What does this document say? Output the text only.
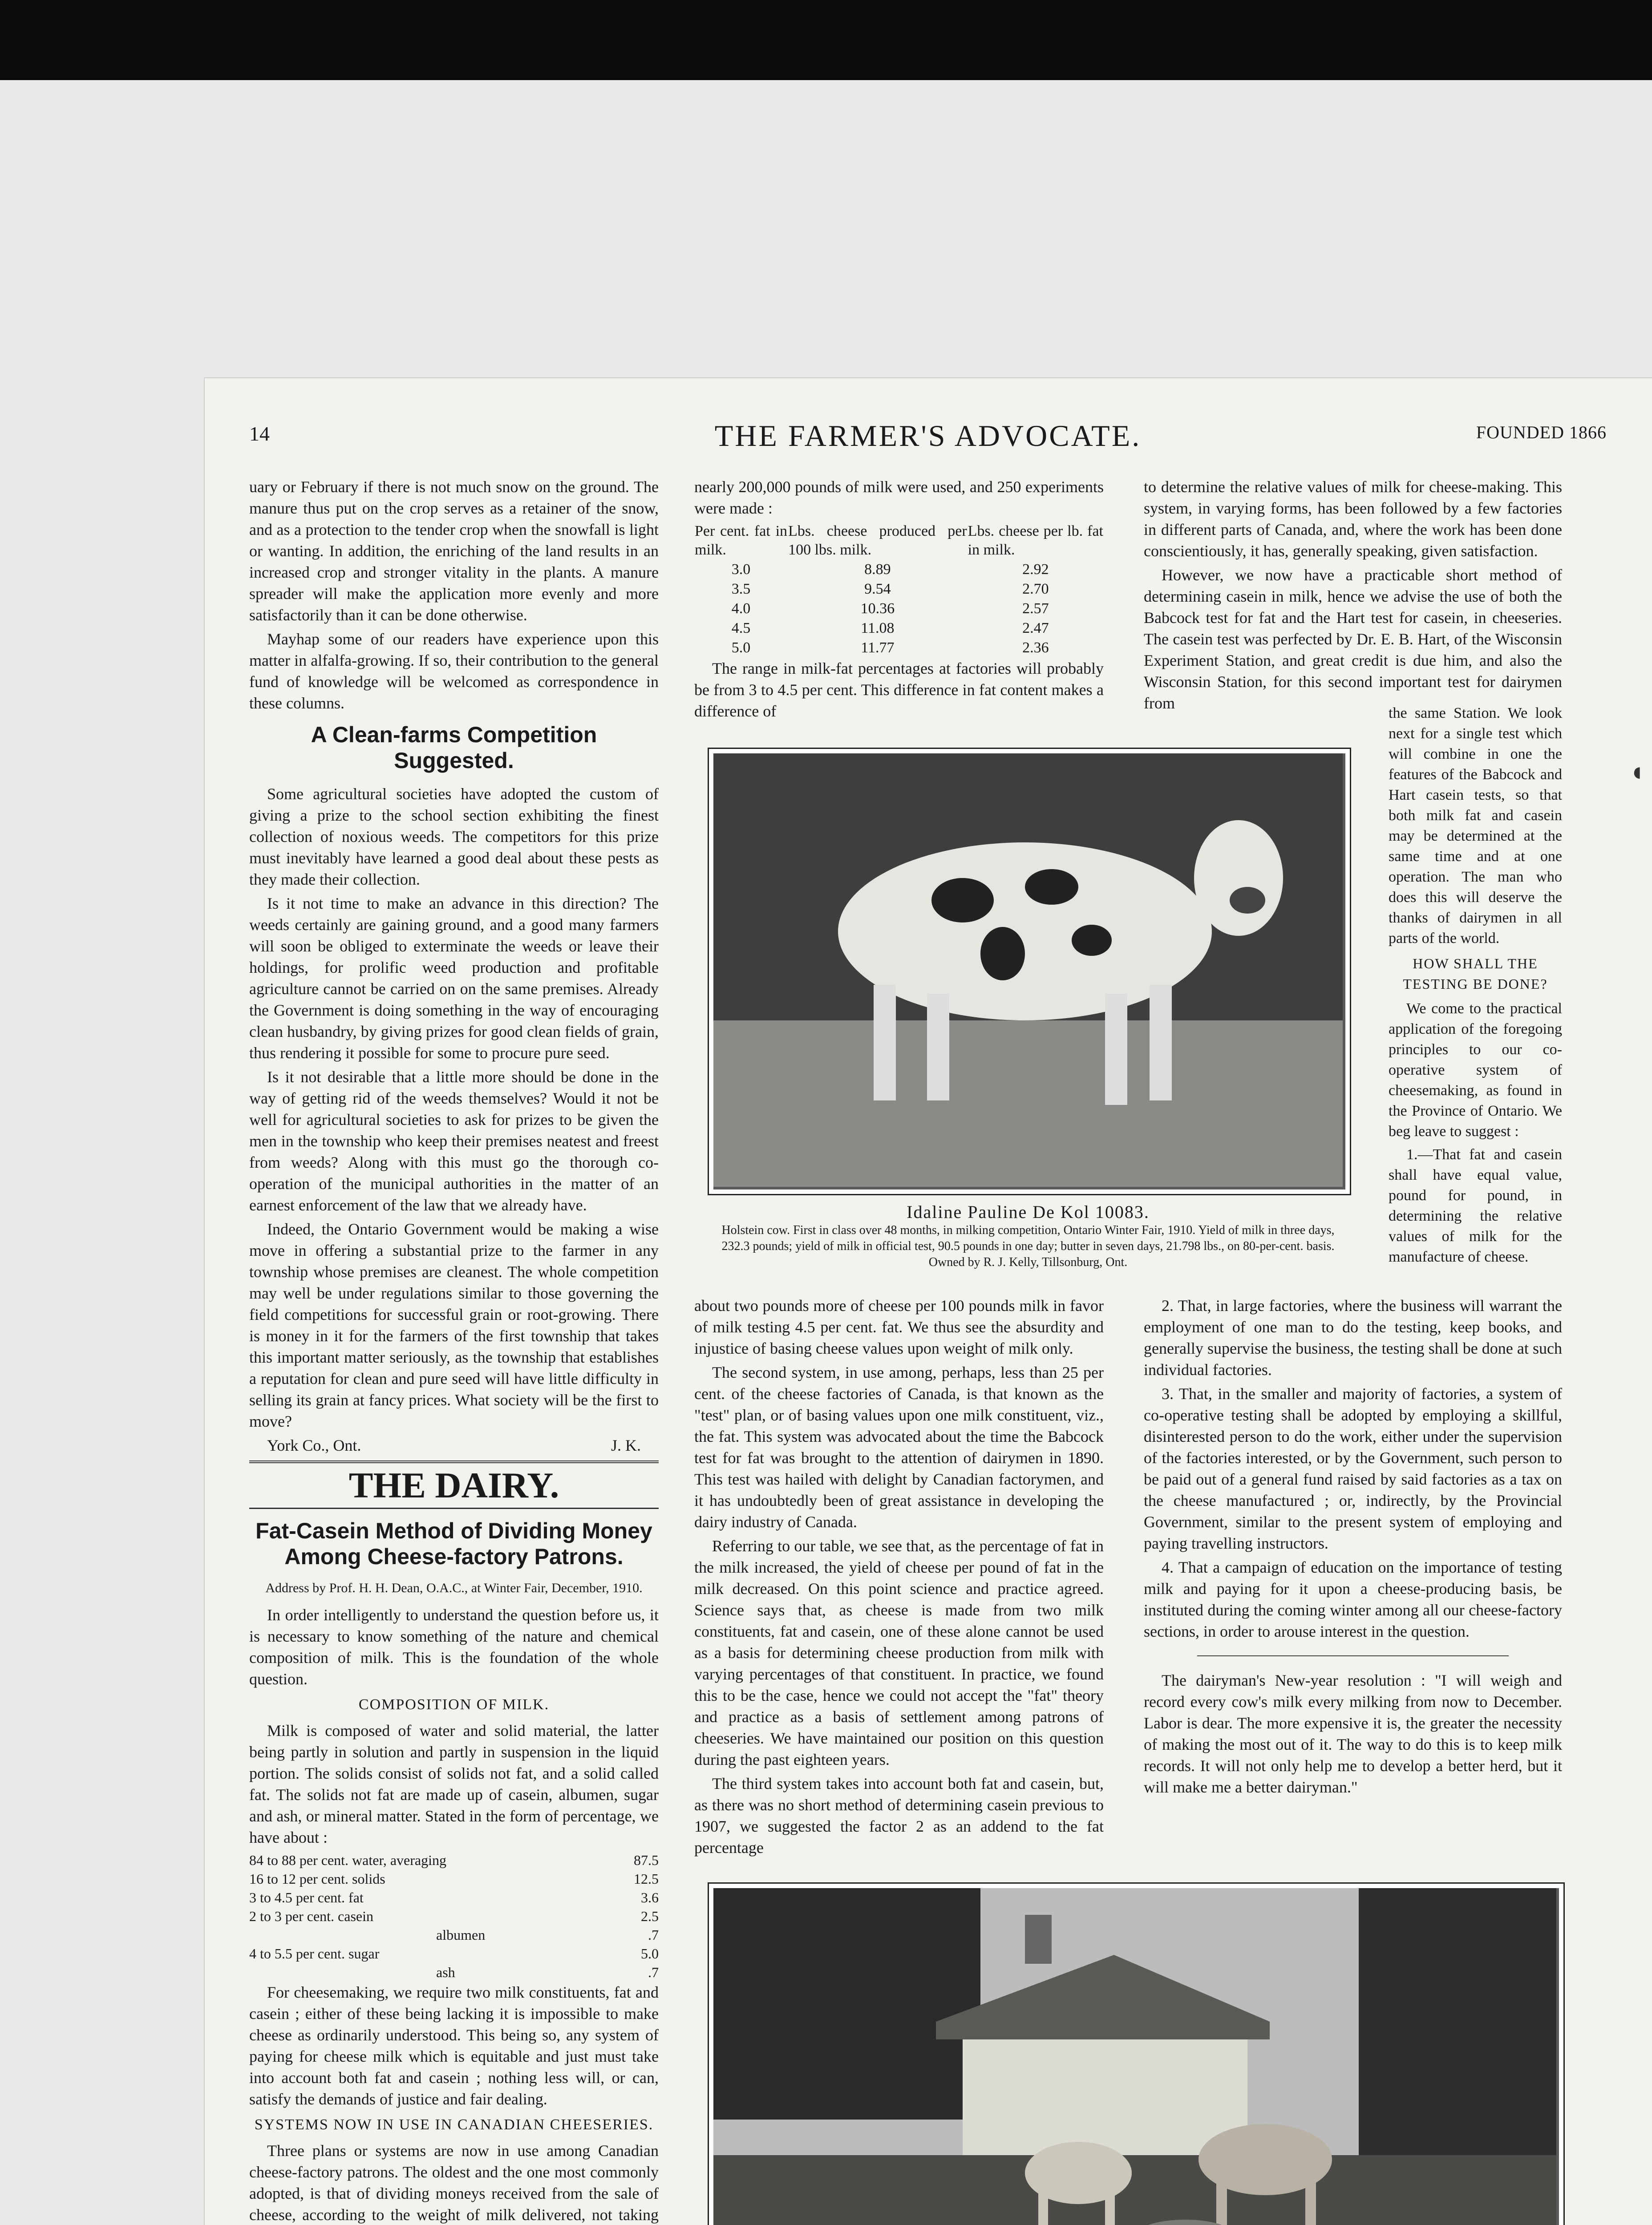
14	THE FARMER'S ADVOCATE.	FOUNDED 1866

uary or February if there is not much snow on the ground. The manure thus put on the crop serves as a retainer of the snow, and as a protection to the tender crop when the snowfall is light or wanting. In addition, the enriching of the land results in an increased crop and stronger vitality in the plants. A manure spreader will make the application more evenly and more satisfactorily than it can be done otherwise.

Mayhap some of our readers have experience upon this matter in alfalfa-growing. If so, their contribution to the general fund of knowledge will be welcomed as correspondence in these columns.

A Clean-farms Competition Suggested.

Some agricultural societies have adopted the custom of giving a prize to the school section exhibiting the finest collection of noxious weeds. The competitors for this prize must inevitably have learned a good deal about these pests as they made their collection.

Is it not time to make an advance in this direction? The weeds certainly are gaining ground, and a good many farmers will soon be obliged to exterminate the weeds or leave their holdings, for prolific weed production and profitable agriculture cannot be carried on on the same premises. Already the Government is doing something in the way of encouraging clean husbandry, by giving prizes for good clean fields of grain, thus rendering it possible for some to procure pure seed.

Is it not desirable that a little more should be done in the way of getting rid of the weeds themselves? Would it not be well for agricultural societies to ask for prizes to be given the men in the township who keep their premises neatest and freest from weeds? Along with this must go the thorough co-operation of the municipal authorities in the matter of an earnest enforcement of the law that we already have.

Indeed, the Ontario Government would be making a wise move in offering a substantial prize to the farmer in any township whose premises are cleanest. The whole competition may well be under regulations similar to those governing the field competitions for successful grain or root-growing. There is money in it for the farmers of the first township that takes this important matter seriously, as the township that establishes a reputation for clean and pure seed will have little difficulty in selling its grain at fancy prices. What society will be the first to move?

York Co., Ont.	J. K.
THE DAIRY.
Fat-Casein Method of Dividing Money Among Cheese-factory Patrons.
Address by Prof. H. H. Dean, O.A.C., at Winter Fair, December, 1910.

In order intelligently to understand the question before us, it is necessary to know something of the nature and chemical composition of milk. This is the foundation of the whole question.

COMPOSITION OF MILK.

Milk is composed of water and solid material, the latter being partly in solution and partly in suspension in the liquid portion. The solids consist of solids not fat, and a solid called fat. The solids not fat are made up of casein, albumen, sugar and ash, or mineral matter. Stated in the form of percentage, we have about :

84 to 88 per cent. water, averaging	87.5
16 to 12 per cent. solids	12.5
3 to 4.5 per cent. fat	3.6
2 to 3 per cent. casein	2.5
albumen	.7
4 to 5.5 per cent. sugar	5.0
ash	.7

For cheesemaking, we require two milk constituents, fat and casein ; either of these being lacking it is impossible to make cheese as ordinarily understood. This being so, any system of paying for cheese milk which is equitable and just must take into account both fat and casein ; nothing less will, or can, satisfy the demands of justice and fair dealing.

SYSTEMS NOW IN USE IN CANADIAN CHEESERIES.

Three plans or systems are now in use among Canadian cheese-factory patrons. The oldest and the one most commonly adopted, is that of dividing moneys received from the sale of cheese, according to the weight of milk delivered, not taking

nearly 200,000 pounds of milk were used, and 250 experiments were made :

Per cent. fat in milk.	Lbs. cheese produced per 100 lbs. milk.	Lbs. cheese per lb. fat in milk.
3.0	8.89	2.92
3.5	9.54	2.70
4.0	10.36	2.57
4.5	11.08	2.47
5.0	11.77	2.36

The range in milk-fat percentages at factories will probably be from 3 to 4.5 per cent. This difference in fat content makes a difference of

to determine the relative values of milk for cheese-making. This system, in varying forms, has been followed by a few factories in different parts of Canada, and, where the work has been done conscientiously, it has, generally speaking, given satisfaction.

However, we now have a practicable short method of determining casein in milk, hence we advise the use of both the Babcock test for fat and the Hart test for casein, in cheeseries. The casein test was perfected by Dr. E. B. Hart, of the Wisconsin Experiment Station, and great credit is due him, and also the Wisconsin Station, for this second important test for dairymen from

Idaline Pauline De Kol 10083.
Holstein cow. First in class over 48 months, in milking competition, Ontario Winter Fair, 1910. Yield of milk in three days, 232.3 pounds; yield of milk in official test, 90.5 pounds in one day; butter in seven days, 21.798 lbs., on 80-per-cent. basis. Owned by R. J. Kelly, Tillsonburg, Ont.

the same Station. We look next for a single test which will combine in one the features of the Babcock and Hart casein tests, so that both milk fat and casein may be determined at the same time and at one operation. The man who does this will deserve the thanks of dairymen in all parts of the world.

HOW SHALL THE TESTING BE DONE?

We come to the practical application of the foregoing principles to our co-operative system of cheesemaking, as found in the Province of Ontario. We beg leave to suggest :

1.—That fat and casein shall have equal value, pound for pound, in determining the relative values of milk for the manufacture of cheese.

about two pounds more of cheese per 100 pounds milk in favor of milk testing 4.5 per cent. fat. We thus see the absurdity and injustice of basing cheese values upon weight of milk only.

The second system, in use among, perhaps, less than 25 per cent. of the cheese factories of Canada, is that known as the "test" plan, or of basing values upon one milk constituent, viz., the fat. This system was advocated about the time the Babcock test for fat was brought to the attention of dairymen in 1890. This test was hailed with delight by Canadian factorymen, and it has undoubtedly been of great assistance in developing the dairy industry of Canada.

Referring to our table, we see that, as the percentage of fat in the milk increased, the yield of cheese per pound of fat in the milk decreased. On this point science and practice agreed. Science says that, as cheese is made from two milk constituents, fat and casein, one of these alone cannot be used as a basis for determining cheese production from milk with varying percentages of that constituent. In practice, we found this to be the case, hence we could not accept the "fat" theory and practice as a basis of settlement among patrons of cheeseries. We have maintained our position on this question during the past eighteen years.

The third system takes into account both fat and casein, but, as there was no short method of determining casein previous to 1907, we suggested the factor 2 as an addend to the fat percentage

2. That, in large factories, where the business will warrant the employment of one man to do the testing, keep books, and generally supervise the business, the testing shall be done at such individual factories.

3. That, in the smaller and majority of factories, a system of co-operative testing shall be adopted by employing a skillful, disinterested person to do the work, either under the supervision of the factories interested, or by the Government, such person to be paid out of a general fund raised by said factories as a tax on the cheese manufactured ; or, indirectly, by the Provincial Government, similar to the present system of employing and paying travelling instructors.

4. That a campaign of education on the importance of testing milk and paying for it upon a cheese-producing basis, be instituted during the coming winter among all our cheese-factory sections, in order to arouse interest in the question.

The dairyman's New-year resolution : "I will weigh and record every cow's milk every milking from now to December. Labor is dear. The more expensive it is, the greater the necessity of making the most out of it. The way to do this is to keep milk records. It will not only help me to develop a better herd, but it will make me a better dairyman."

◖
